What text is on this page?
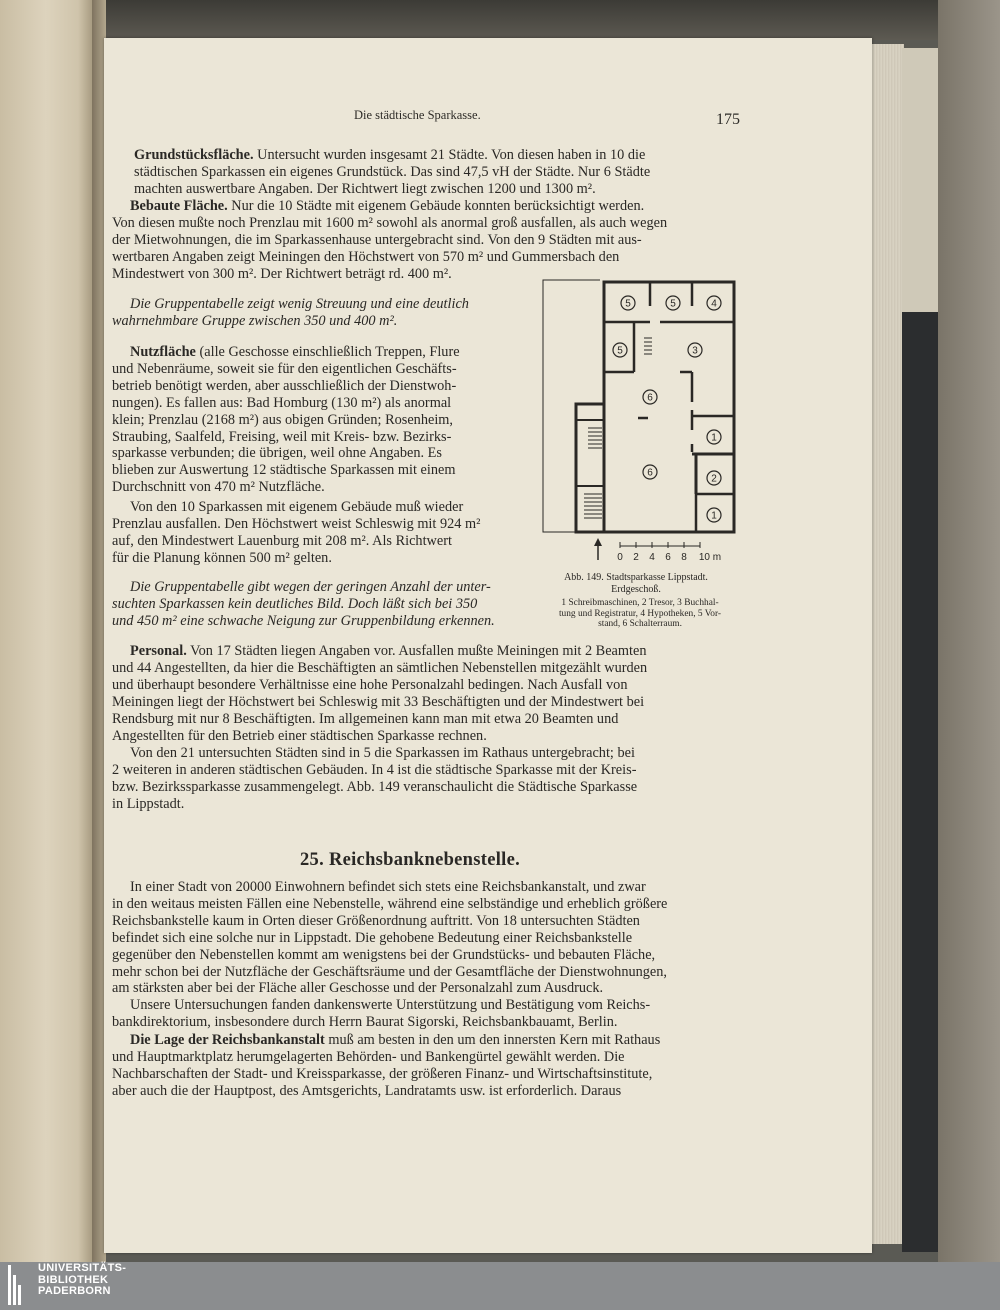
Die städtische Sparkasse.	175

Grundstücksfläche. Untersucht wurden insgesamt 21 Städte. Von diesen haben in 10 die

städtischen Sparkassen ein eigenes Grundstück. Das sind 47,5 vH der Städte. Nur 6 Städte

machten auswertbare Angaben. Der Richtwert liegt zwischen 1200 und 1300 m².

Bebaute Fläche. Nur die 10 Städte mit eigenem Gebäude konnten berücksichtigt werden.

Von diesen mußte noch Prenzlau mit 1600 m² sowohl als anormal groß ausfallen, als auch wegen

der Mietwohnungen, die im Sparkassenhause untergebracht sind. Von den 9 Städten mit aus-

wertbaren Angaben zeigt Meiningen den Höchstwert von 570 m² und Gummersbach den

Mindestwert von 300 m². Der Richtwert beträgt rd. 400 m².

Die Gruppentabelle zeigt wenig Streuung und eine deutlich

wahrnehmbare Gruppe zwischen 350 und 400 m².

Nutzfläche (alle Geschosse einschließlich Treppen, Flure

und Nebenräume, soweit sie für den eigentlichen Geschäfts-

betrieb benötigt werden, aber ausschließlich der Dienstwoh-

nungen). Es fallen aus: Bad Homburg (130 m²) als anormal

klein; Prenzlau (2168 m²) aus obigen Gründen; Rosenheim,

Straubing, Saalfeld, Freising, weil mit Kreis- bzw. Bezirks-

sparkasse verbunden; die übrigen, weil ohne Angaben. Es

blieben zur Auswertung 12 städtische Sparkassen mit einem

Durchschnitt von 470 m² Nutzfläche.

Von den 10 Sparkassen mit eigenem Gebäude muß wieder

Prenzlau ausfallen. Den Höchstwert weist Schleswig mit 924 m²

auf, den Mindestwert Lauenburg mit 208 m². Als Richtwert

für die Planung können 500 m² gelten.

Die Gruppentabelle gibt wegen der geringen Anzahl der unter-

suchten Sparkassen kein deutliches Bild. Doch läßt sich bei 350

und 450 m² eine schwache Neigung zur Gruppenbildung erkennen.

5	5	4
5	3
6
1
6
2
1
0 2 4 6 8 10 m
Abb. 149. Stadtsparkasse Lippstadt.
Erdgeschoß.
1 Schreibmaschinen, 2 Tresor, 3 Buchhal-
tung und Registratur, 4 Hypotheken, 5 Vor-
stand, 6 Schalterraum.

Personal. Von 17 Städten liegen Angaben vor. Ausfallen mußte Meiningen mit 2 Beamten

und 44 Angestellten, da hier die Beschäftigten an sämtlichen Nebenstellen mitgezählt wurden

und überhaupt besondere Verhältnisse eine hohe Personalzahl bedingen. Nach Ausfall von

Meiningen liegt der Höchstwert bei Schleswig mit 33 Beschäftigten und der Mindestwert bei

Rendsburg mit nur 8 Beschäftigten. Im allgemeinen kann man mit etwa 20 Beamten und

Angestellten für den Betrieb einer städtischen Sparkasse rechnen.

Von den 21 untersuchten Städten sind in 5 die Sparkassen im Rathaus untergebracht; bei

2 weiteren in anderen städtischen Gebäuden. In 4 ist die städtische Sparkasse mit der Kreis-

bzw. Bezirkssparkasse zusammengelegt. Abb. 149 veranschaulicht die Städtische Sparkasse

in Lippstadt.

25. Reichsbanknebenstelle.

In einer Stadt von 20000 Einwohnern befindet sich stets eine Reichsbankanstalt, und zwar

in den weitaus meisten Fällen eine Nebenstelle, während eine selbständige und erheblich größere

Reichsbankstelle kaum in Orten dieser Größenordnung auftritt. Von 18 untersuchten Städten

befindet sich eine solche nur in Lippstadt. Die gehobene Bedeutung einer Reichsbankstelle

gegenüber den Nebenstellen kommt am wenigstens bei der Grundstücks- und bebauten Fläche,

mehr schon bei der Nutzfläche der Geschäftsräume und der Gesamtfläche der Dienstwohnungen,

am stärksten aber bei der Fläche aller Geschosse und der Personalzahl zum Ausdruck.

Unsere Untersuchungen fanden dankenswerte Unterstützung und Bestätigung vom Reichs-

bankdirektorium, insbesondere durch Herrn Baurat Sigorski, Reichsbankbauamt, Berlin.

Die Lage der Reichsbankanstalt muß am besten in den um den innersten Kern mit Rathaus

und Hauptmarktplatz herumgelagerten Behörden- und Bankengürtel gewählt werden. Die

Nachbarschaften der Stadt- und Kreissparkasse, der größeren Finanz- und Wirtschaftsinstitute,

aber auch die der Hauptpost, des Amtsgerichts, Landratamts usw. ist erforderlich. Daraus

UNIVERSITÄTS-
BIBLIOTHEK
PADERBORN
